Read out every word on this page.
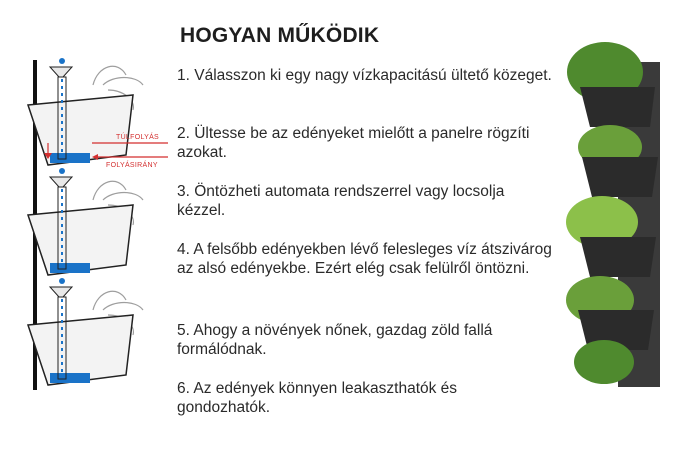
TÚLFOLYÁS
FOLYÁSIRÁNY
HOGYAN MŰKÖDIK
1. Válasszon ki egy nagy vízkapacitású ültető közeget.
2. Ültesse be az edényeket mielőtt a panelre rögzíti azokat.
3. Öntözheti automata rendszerrel vagy locsolja kézzel.
4. A felsőbb edényekben lévő felesleges víz átszivárog az alsó edényekbe. Ezért elég csak felülről öntözni.
5. Ahogy a növények nőnek, gazdag zöld fallá formálódnak.
6. Az edények könnyen leakaszthatók és gondozhatók.
